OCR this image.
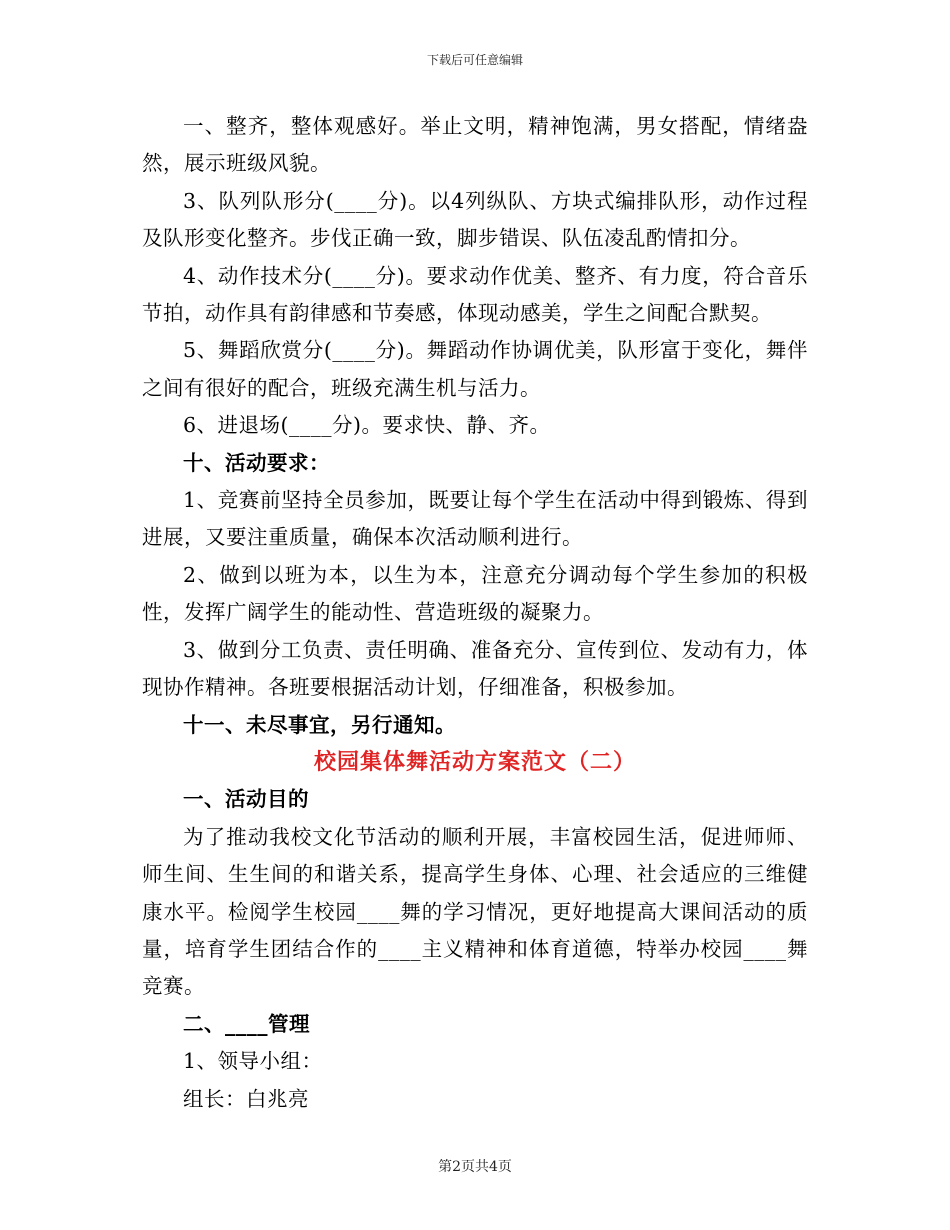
下载后可任意编辑

一、整齐，整体观感好。举止文明，精神饱满，男女搭配，情绪盎然，展示班级风貌。

3、队列队形分(____分)。以4列纵队、方块式编排队形，动作过程及队形变化整齐。步伐正确一致，脚步错误、队伍凌乱酌情扣分。

4、动作技术分(____分)。要求动作优美、整齐、有力度，符合音乐节拍，动作具有韵律感和节奏感，体现动感美，学生之间配合默契。

5、舞蹈欣赏分(____分)。舞蹈动作协调优美，队形富于变化，舞伴之间有很好的配合，班级充满生机与活力。

6、进退场(____分)。要求快、静、齐。

十、活动要求：

1、竞赛前坚持全员参加，既要让每个学生在活动中得到锻炼、得到进展，又要注重质量，确保本次活动顺利进行。

2、做到以班为本，以生为本，注意充分调动每个学生参加的积极性，发挥广阔学生的能动性、营造班级的凝聚力。

3、做到分工负责、责任明确、准备充分、宣传到位、发动有力，体现协作精神。各班要根据活动计划，仔细准备，积极参加。

十一、未尽事宜，另行通知。

校园集体舞活动方案范文（二）

一、活动目的

为了推动我校文化节活动的顺利开展，丰富校园生活，促进师师、师生间、生生间的和谐关系，提高学生身体、心理、社会适应的三维健康水平。检阅学生校园____舞的学习情况，更好地提高大课间活动的质量，培育学生团结合作的____主义精神和体育道德，特举办校园____舞竞赛。

二、____管理

1、领导小组：

组长：白兆亮

第2页共4页
